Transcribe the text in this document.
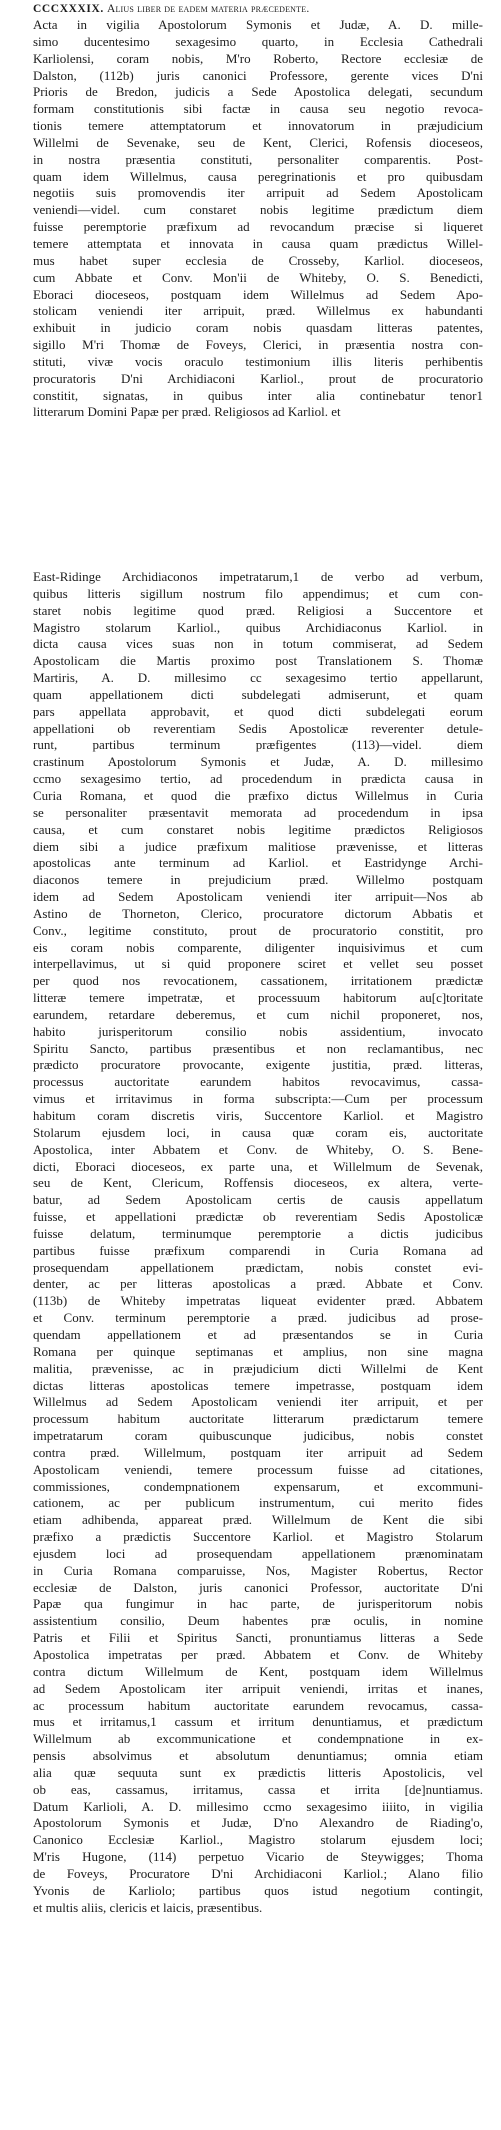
CCCXXXIX. Alius liber de eadem materia præcedente.
Acta in vigilia Apostolorum Symonis et Judæ, A. D. mille-
simo ducentesimo sexagesimo quarto, in Ecclesia Cathedrali
Karliolensi, coram nobis, M'ro Roberto, Rectore ecclesiæ de
Dalston, (112b) juris canonici Professore, gerente vices D'ni
Prioris de Bredon, judicis a Sede Apostolica delegati, secundum
formam constitutionis sibi factæ in causa seu negotio revoca-
tionis temere attemptatorum et innovatorum in præjudicium
Willelmi de Sevenake, seu de Kent, Clerici, Rofensis dioceseos,
in nostra præsentia constituti, personaliter comparentis. Post-
quam idem Willelmus, causa peregrinationis et pro quibusdam
negotiis suis promovendis iter arripuit ad Sedem Apostolicam
veniendi—videl. cum constaret nobis legitime prædictum diem
fuisse peremptorie præfixum ad revocandum præcise si liqueret
temere attemptata et innovata in causa quam prædictus Willel-
mus habet super ecclesia de Crosseby, Karliol. dioceseos,
cum Abbate et Conv. Mon'ii de Whiteby, O. S. Benedicti,
Eboraci dioceseos, postquam idem Willelmus ad Sedem Apo-
stolicam veniendi iter arripuit, præd. Willelmus ex habundanti
exhibuit in judicio coram nobis quasdam litteras patentes,
sigillo M'ri Thomæ de Foveys, Clerici, in præsentia nostra con-
stituti, vivæ vocis oraculo testimonium illis literis perhibentis
procuratoris D'ni Archidiaconi Karliol., prout de procuratorio
constitit, signatas, in quibus inter alia continebatur tenor1
litterarum Domini Papæ per præd. Religiosos ad Karliol. et
East-Ridinge Archidiaconos impetratarum,1 de verbo ad verbum,
quibus litteris sigillum nostrum filo appendimus; et cum con-
staret nobis legitime quod præd. Religiosi a Succentore et
Magistro stolarum Karliol., quibus Archidiaconus Karliol. in
dicta causa vices suas non in totum commiserat, ad Sedem
Apostolicam die Martis proximo post Translationem S. Thomæ
Martiris, A. D. millesimo cc sexagesimo tertio appellarunt,
quam appellationem dicti subdelegati admiserunt, et quam
pars appellata approbavit, et quod dicti subdelegati eorum
appellationi ob reverentiam Sedis Apostolicæ reverenter detule-
runt, partibus terminum præfigentes (113)—videl. diem
crastinum Apostolorum Symonis et Judæ, A. D. millesimo
ccmo sexagesimo tertio, ad procedendum in prædicta causa in
Curia Romana, et quod die præfixo dictus Willelmus in Curia
se personaliter præsentavit memorata ad procedendum in ipsa
causa, et cum constaret nobis legitime prædictos Religiosos
diem sibi a judice præfixum malitiose prævenisse, et litteras
apostolicas ante terminum ad Karliol. et Eastridynge Archi-
diaconos temere in prejudicium præd. Willelmo postquam
idem ad Sedem Apostolicam veniendi iter arripuit—Nos ab
Astino de Thorneton, Clerico, procuratore dictorum Abbatis et
Conv., legitime constituto, prout de procuratorio constitit, pro
eis coram nobis comparente, diligenter inquisivimus et cum
interpellavimus, ut si quid proponere sciret et vellet seu posset
per quod nos revocationem, cassationem, irritationem prædictæ
litteræ temere impetratæ, et processuum habitorum au[c]toritate
earundem, retardare deberemus, et cum nichil proponeret, nos,
habito jurisperitorum consilio nobis assidentium, invocato
Spiritu Sancto, partibus præsentibus et non reclamantibus, nec
prædicto procuratore provocante, exigente justitia, præd. litteras,
processus auctoritate earundem habitos revocavimus, cassa-
vimus et irritavimus in forma subscripta:—Cum per processum
habitum coram discretis viris, Succentore Karliol. et Magistro
Stolarum ejusdem loci, in causa quæ coram eis, auctoritate
Apostolica, inter Abbatem et Conv. de Whiteby, O. S. Bene-
dicti, Eboraci dioceseos, ex parte una, et Willelmum de Sevenak,
seu de Kent, Clericum, Roffensis dioceseos, ex altera, verte-
batur, ad Sedem Apostolicam certis de causis appellatum
fuisse, et appellationi prædictæ ob reverentiam Sedis Apostolicæ
fuisse delatum, terminumque peremptorie a dictis judicibus
partibus fuisse præfixum comparendi in Curia Romana ad
prosequendam appellationem prædictam, nobis constet evi-
denter, ac per litteras apostolicas a præd. Abbate et Conv.
(113b) de Whiteby impetratas liqueat evidenter præd. Abbatem
et Conv. terminum peremptorie a præd. judicibus ad prose-
quendam appellationem et ad præsentandos se in Curia
Romana per quinque septimanas et amplius, non sine magna
malitia, prævenisse, ac in præjudicium dicti Willelmi de Kent
dictas litteras apostolicas temere impetrasse, postquam idem
Willelmus ad Sedem Apostolicam veniendi iter arripuit, et per
processum habitum auctoritate litterarum prædictarum temere
impetratarum coram quibuscunque judicibus, nobis constet
contra præd. Willelmum, postquam iter arripuit ad Sedem
Apostolicam veniendi, temere processum fuisse ad citationes,
commissiones, condempnationem expensarum, et excommuni-
cationem, ac per publicum instrumentum, cui merito fides
etiam adhibenda, appareat præd. Willelmum de Kent die sibi
præfixo a prædictis Succentore Karliol. et Magistro Stolarum
ejusdem loci ad prosequendam appellationem prænominatam
in Curia Romana comparuisse, Nos, Magister Robertus, Rector
ecclesiæ de Dalston, juris canonici Professor, auctoritate D'ni
Papæ qua fungimur in hac parte, de jurisperitorum nobis
assistentium consilio, Deum habentes præ oculis, in nomine
Patris et Filii et Spiritus Sancti, pronuntiamus litteras a Sede
Apostolica impetratas per præd. Abbatem et Conv. de Whiteby
contra dictum Willelmum de Kent, postquam idem Willelmus
ad Sedem Apostolicam iter arripuit veniendi, irritas et inanes,
ac processum habitum auctoritate earundem revocamus, cassa-
mus et irritamus,1 cassum et irritum denuntiamus, et prædictum
Willelmum ab excommunicatione et condempnatione in ex-
pensis absolvimus et absolutum denuntiamus; omnia etiam
alia quæ sequuta sunt ex prædictis litteris Apostolicis, vel
ob eas, cassamus, irritamus, cassa et irrita [de]nuntiamus.
Datum Karlioli, A. D. millesimo ccmo sexagesimo iiiito, in vigilia
Apostolorum Symonis et Judæ, D'no Alexandro de Riading'o,
Canonico Ecclesiæ Karliol., Magistro stolarum ejusdem loci;
M'ris Hugone, (114) perpetuo Vicario de Steywigges; Thoma
de Foveys, Procuratore D'ni Archidiaconi Karliol.; Alano filio
Yvonis de Karliolo; partibus quos istud negotium contingit,
et multis aliis, clericis et laicis, præsentibus.
